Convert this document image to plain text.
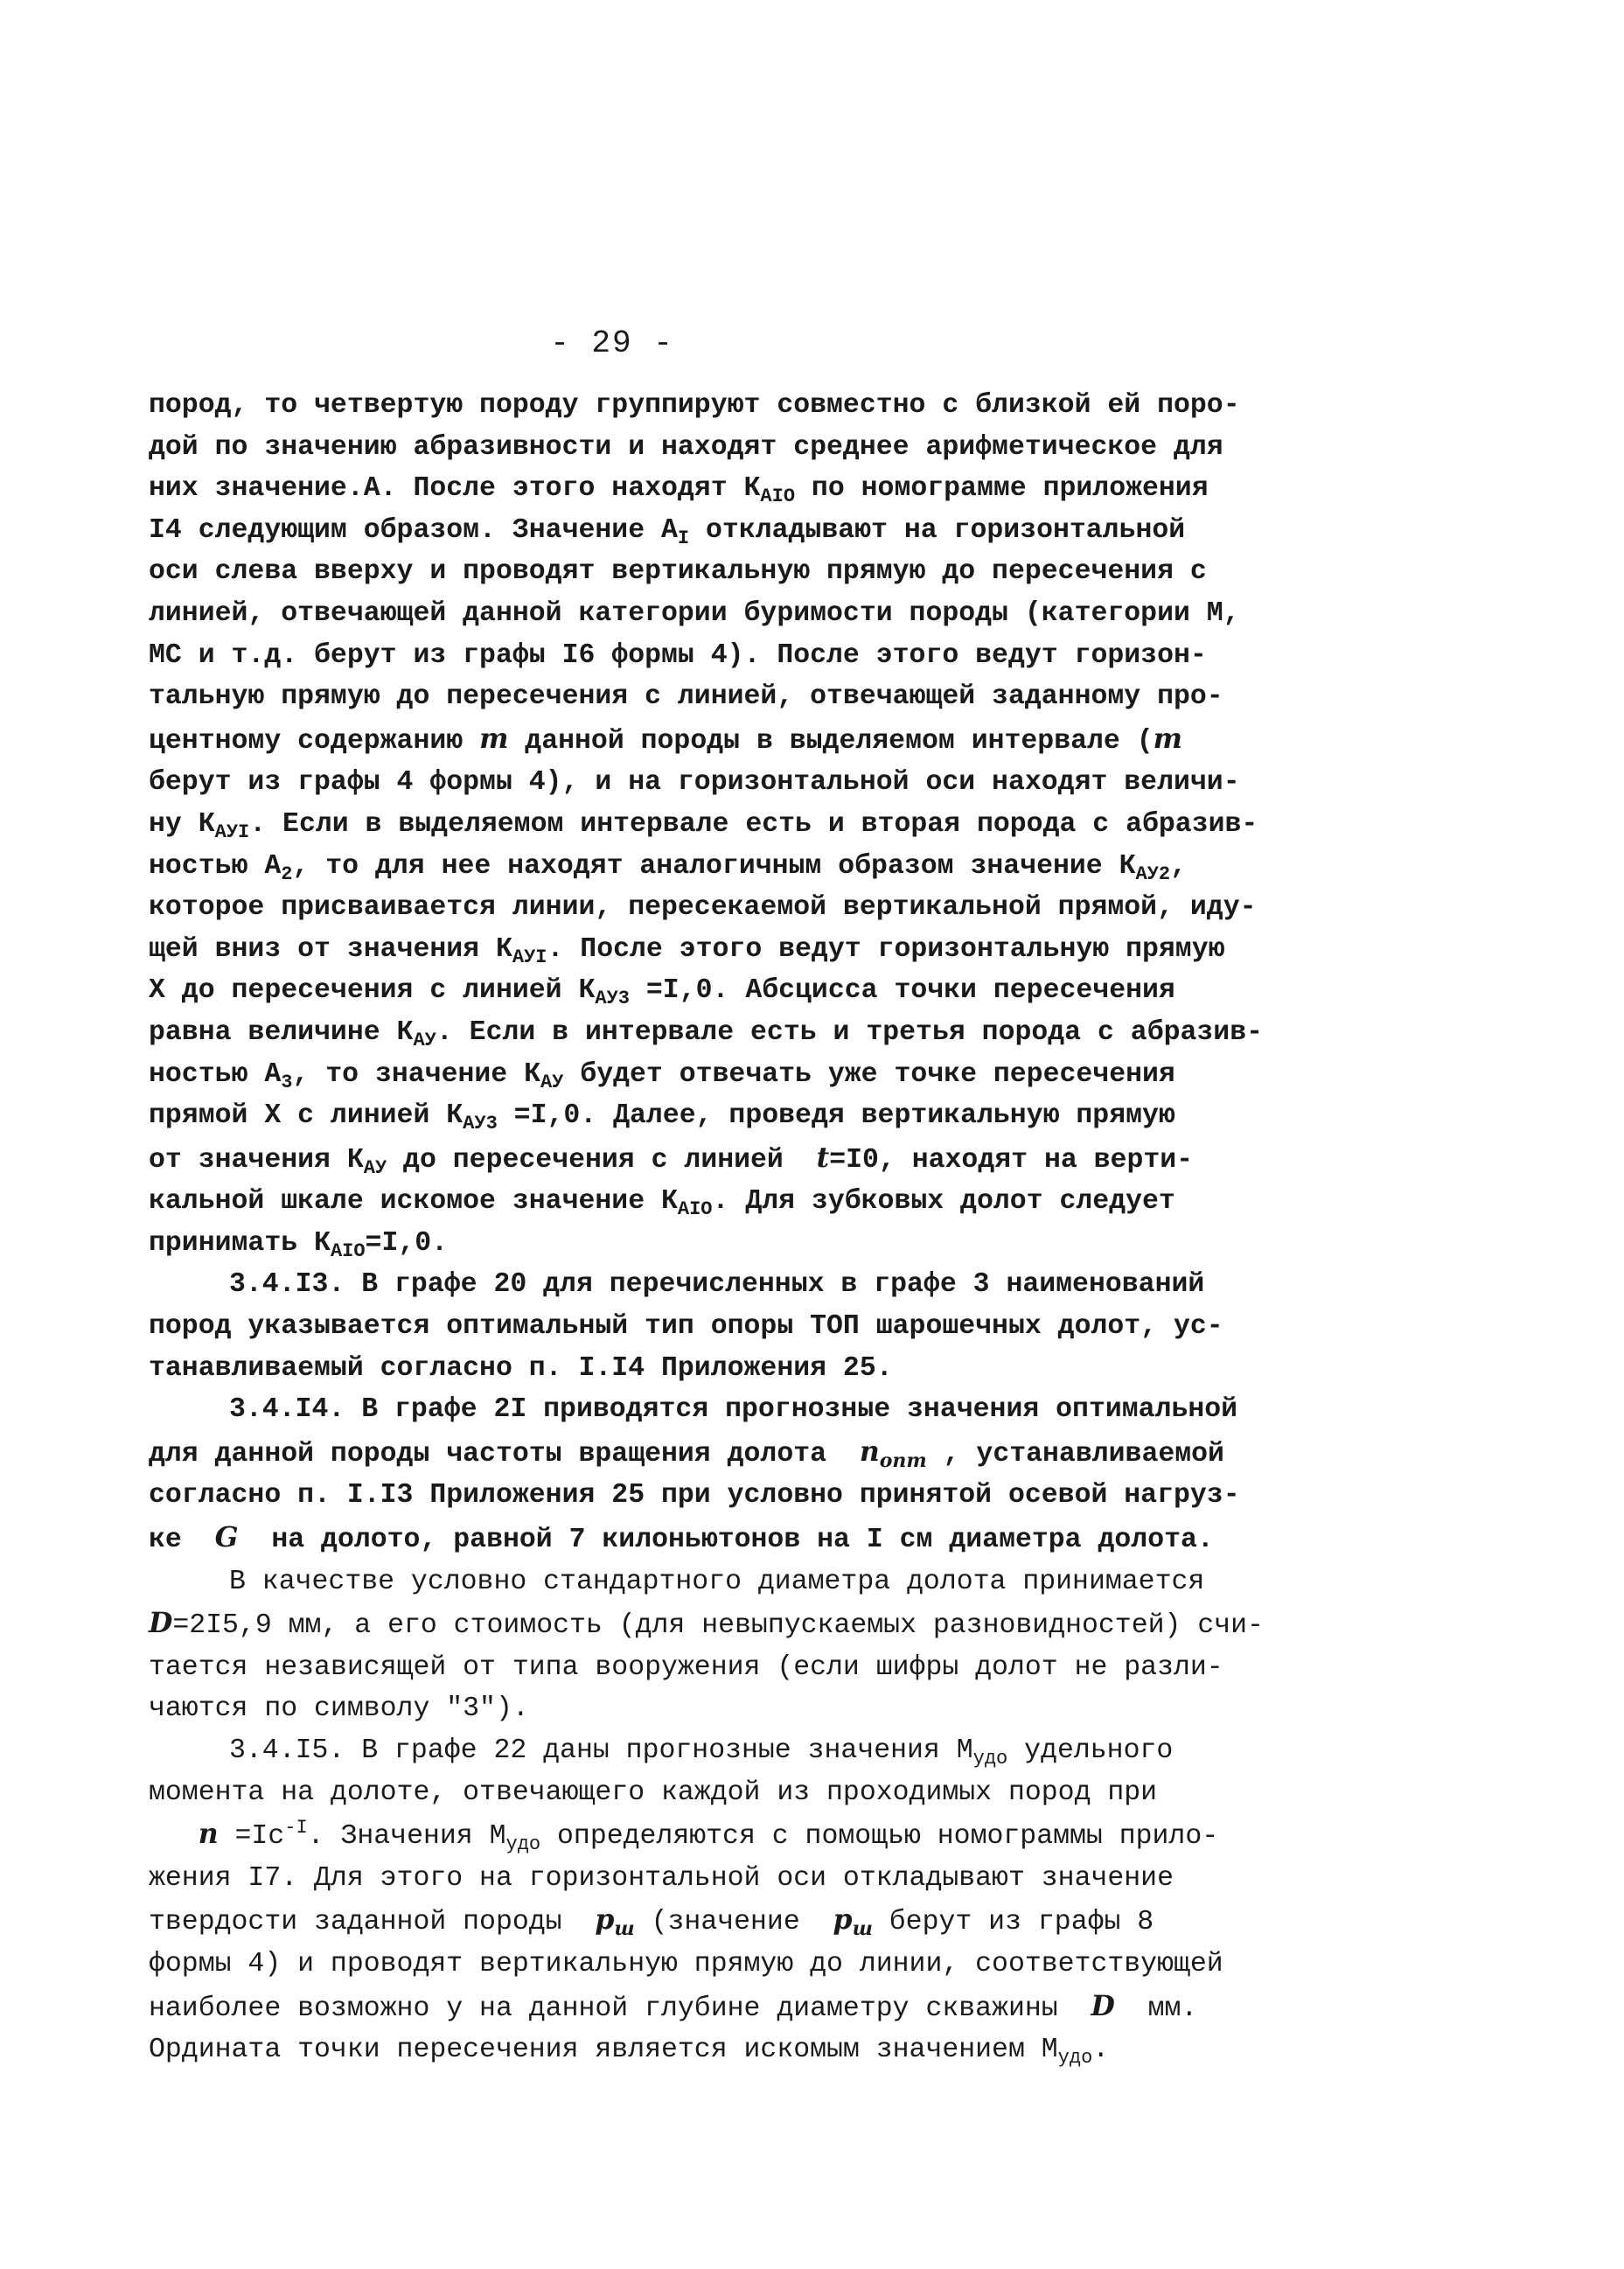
- 29 -
пород, то четвертую породу группируют совместно с близкой ей поро-
дой по значению абразивности и находят среднее арифметическое для
них значение.А. После этого находят $К_{АIО}$ по номограмме приложения
I4 следующим образом. Значение $А_I$ откладывают на горизонтальной
оси слева вверху и проводят вертикальную прямую до пересечения с
линией, отвечающей данной категории буримости породы (категории М,
МС и т.д. берут из графы I6 формы 4). После этого ведут горизон-
тальную прямую до пересечения с линией, отвечающей заданному про-
центному содержанию m данной породы в выделяемом интервале (m
берут из графы 4 формы 4), и на горизонтальной оси находят величи-
ну $К_{АУI}$. Если в выделяемом интервале есть и вторая порода с абразив-
ностью $А_2$, то для нее находят аналогичным образом значение $К_{АУ2}$,
которое присваивается линии, пересекаемой вертикальной прямой, иду-
щей вниз от значения $К_{АУI}$. После этого ведут горизонтальную прямую
Х до пересечения с линией $К_{АУ3} =I,0$. Абсцисса точки пересечения
равна величине $К_{АУ}$. Если в интервале есть и третья порода с абразив-
ностью $А_3$, то значение $К_{АУ}$ будет отвечать уже точке пересечения
прямой Х с линией $К_{АУ3} =I,0$. Далее, проведя вертикальную прямую
от значения $К_{АУ}$ до пересечения с линией  t=I0, находят на верти-
кальной шкале искомое значение $К_{АIО}$. Для зубковых долот следует
принимать $К_{АIО}=I,0$.
3.4.I3. В графе 20 для перечисленных в графе 3 наименований
пород указывается оптимальный тип опоры ТОП шарошечных долот, ус-
танавливаемый согласно п. I.I4 Приложения 25.
3.4.I4. В графе 2I приводятся прогнозные значения оптимальной
для данной породы частоты вращения долота  $n_{опт}$ , устанавливаемой
согласно п. I.I3 Приложения 25 при условно принятой осевой нагруз-
ке  G  на долото, равной 7 килоньютонов на I см диаметра долота.
В качестве условно стандартного диаметра долота принимается
D=2I5,9 мм, а его стоимость (для невыпускаемых разновидностей) счи-
тается независящей от типа вооружения (если шифры долот не разли-
чаются по символу "3").
3.4.I5. В графе 22 даны прогнозные значения $М_{удо}$ удельного
момента на долоте, отвечающего каждой из проходимых пород при
$n =Iс^{-I}$. Значения $М_{удо}$ определяются с помощью номограммы прило-
жения I7. Для этого на горизонтальной оси откладывают значение
твердости заданной породы  $р_ш$ (значение  $р_ш$ берут из графы 8
формы 4) и проводят вертикальную прямую до линии, соответствующей
наиболее возможно у на данной глубине диаметру скважины  D  мм.
Ордината точки пересечения является искомым значением $М_{удо}$.
